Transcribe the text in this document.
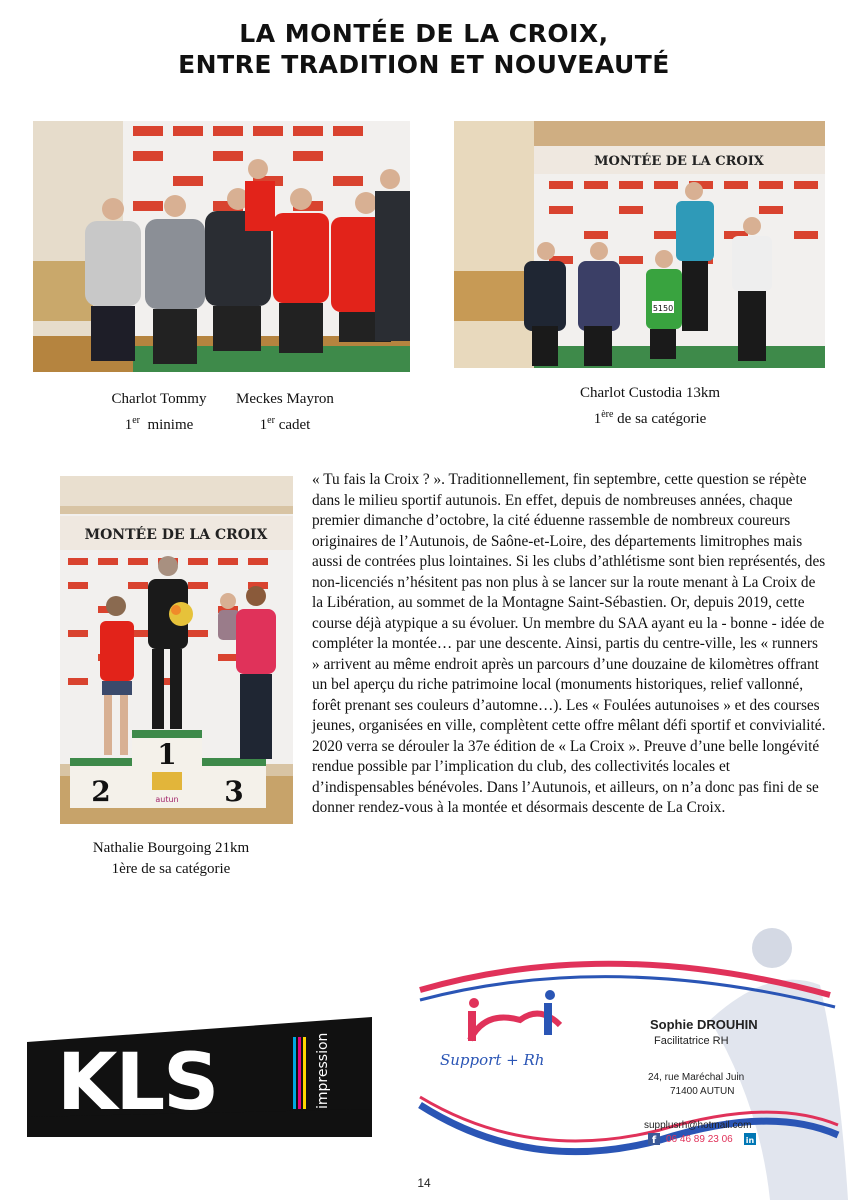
LA MONTÉE DE LA CROIX,
ENTRE TRADITION ET NOUVEAUTÉ
MONTÉE DE LA CROIX
5150
Charlot Tommy
1er minime
Meckes Mayron
1er cadet
Charlot Custodia 13km
1ère de sa catégorie
MONTÉE DE LA CROIX
2
1
3
autun
Nathalie Bourgoing 21km
1ère de sa catégorie
« Tu fais la Croix ? ». Traditionnellement, fin septembre, cette question se répète dans le milieu sportif autunois. En effet, depuis de nombreuses années, chaque premier dimanche d’octobre, la cité éduenne rassemble de nombreux coureurs originaires de l’Autunois, de Saône-et-Loire, des départements limitrophes mais aussi de contrées plus lointaines. Si les clubs d’athlétisme sont bien représentés, des non-licenciés n’hésitent pas non plus à se lancer sur la route menant à La Croix de la Libération, au sommet de la Montagne Saint-Sébastien. Or, depuis 2019, cette course déjà atypique a su évoluer. Un membre du SAA ayant eu la - bonne - idée de compléter la montée… par une descente. Ainsi, partis du centre-ville, les « runners » arrivent au même endroit après un parcours d’une douzaine de kilomètres offrant un bel aperçu du riche patrimoine local (monuments historiques, relief vallonné, forêt prenant ses couleurs d’automne…). Les « Foulées autunoises » et des courses jeunes, organisées en ville, complètent cette offre mêlant défi sportif et convivialité. 2020 verra se dérouler la 37e édition de « La Croix ». Preuve d’une belle longévité rendue possible par l’implication du club, des collectivités locales et d’indispensables bénévoles. Dans l’Autunois, et ailleurs, on n’a donc pas fini de se donner rendez-vous à la montée et désormais descente de La Croix.
KLS	impression	Support + Rh
f	in
Sophie DROUHIN
Facilitatrice RH
24, rue Maréchal Juin
71400 AUTUN
supplusrh@hotmail.com
06 46 89 23 06
14
